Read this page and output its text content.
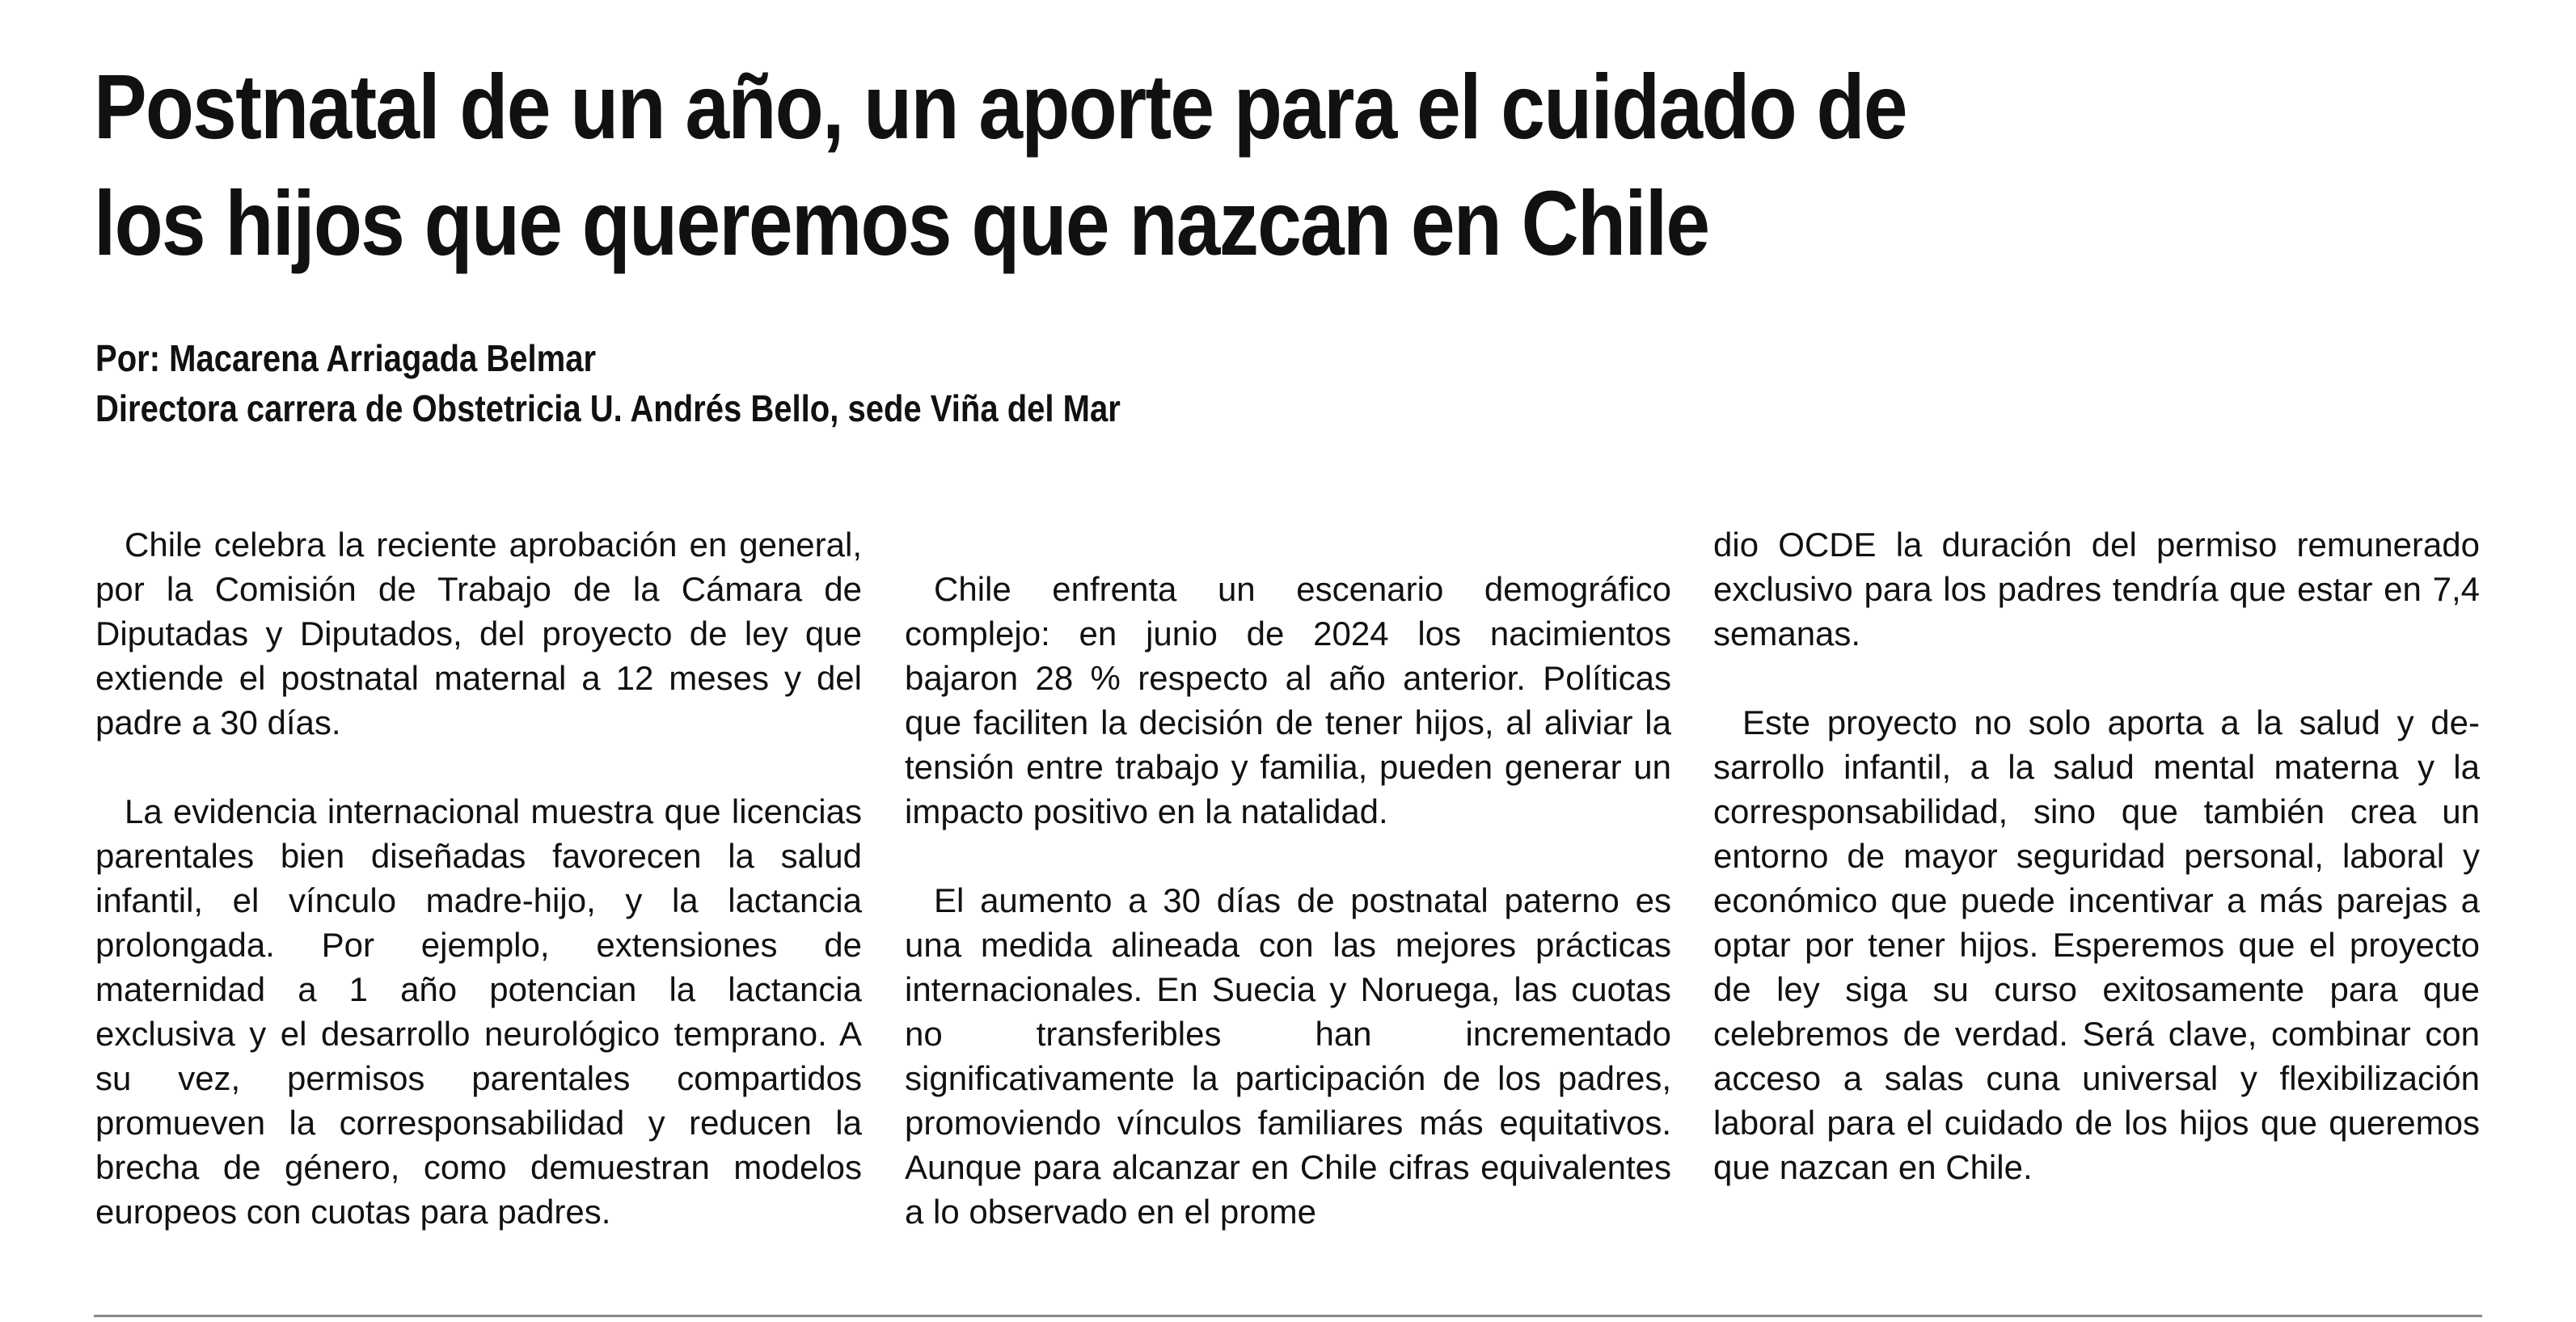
Postnatal de un año, un aporte para el cuidado de
los hijos que queremos que nazcan en Chile
Por: Macarena Arriagada Belmar
Directora carrera de Obstetricia U. Andrés Bello, sede Viña del Mar

Chile celebra la reciente aprobación en general, por la Comisión de Trabajo de la Cámara de Diputadas y Diputados, del proyecto de ley que extiende el postnatal maternal a 12 meses y del padre a 30 días.

La evidencia internacional muestra que licencias parentales bien diseñadas favorecen la salud infantil, el vínculo madre-hijo, y la lactancia prolongada. Por ejemplo, extensiones de maternidad a 1 año potencian la lactancia exclusiva y el desarrollo neurológico temprano. A su vez, permisos parentales compartidos promueven la corresponsabilidad y reducen la brecha de género, como demuestran modelos europeos con cuotas para padres.

Chile enfrenta un escenario demográfico complejo: en junio de 2024 los nacimientos bajaron 28 % respecto al año anterior. Políticas que faciliten la decisión de tener hijos, al aliviar la tensión entre trabajo y familia, pueden generar un impacto positivo en la natalidad.

El aumento a 30 días de postnatal paterno es una medida alineada con las mejores prácticas internacionales. En Suecia y Noruega, las cuotas no transferibles han incrementado significativamente la participación de los padres, promoviendo vínculos familiares más equitativos. Aunque para alcanzar en Chile cifras equivalentes a lo observado en el prome

dio OCDE la duración del permiso remunerado exclusivo para los padres tendría que estar en 7,4 semanas.

Este proyecto no solo aporta a la salud y desarrollo infantil, a la salud mental materna y la corresponsabilidad, sino que también crea un entorno de mayor seguridad personal, laboral y económico que puede incentivar a más parejas a optar por tener hijos. Esperemos que el proyecto de ley siga su curso exitosamente para que celebremos de verdad. Será clave, combinar con acceso a salas cuna universal y flexibilización laboral para el cuidado de los hijos que queremos que nazcan en Chile.
